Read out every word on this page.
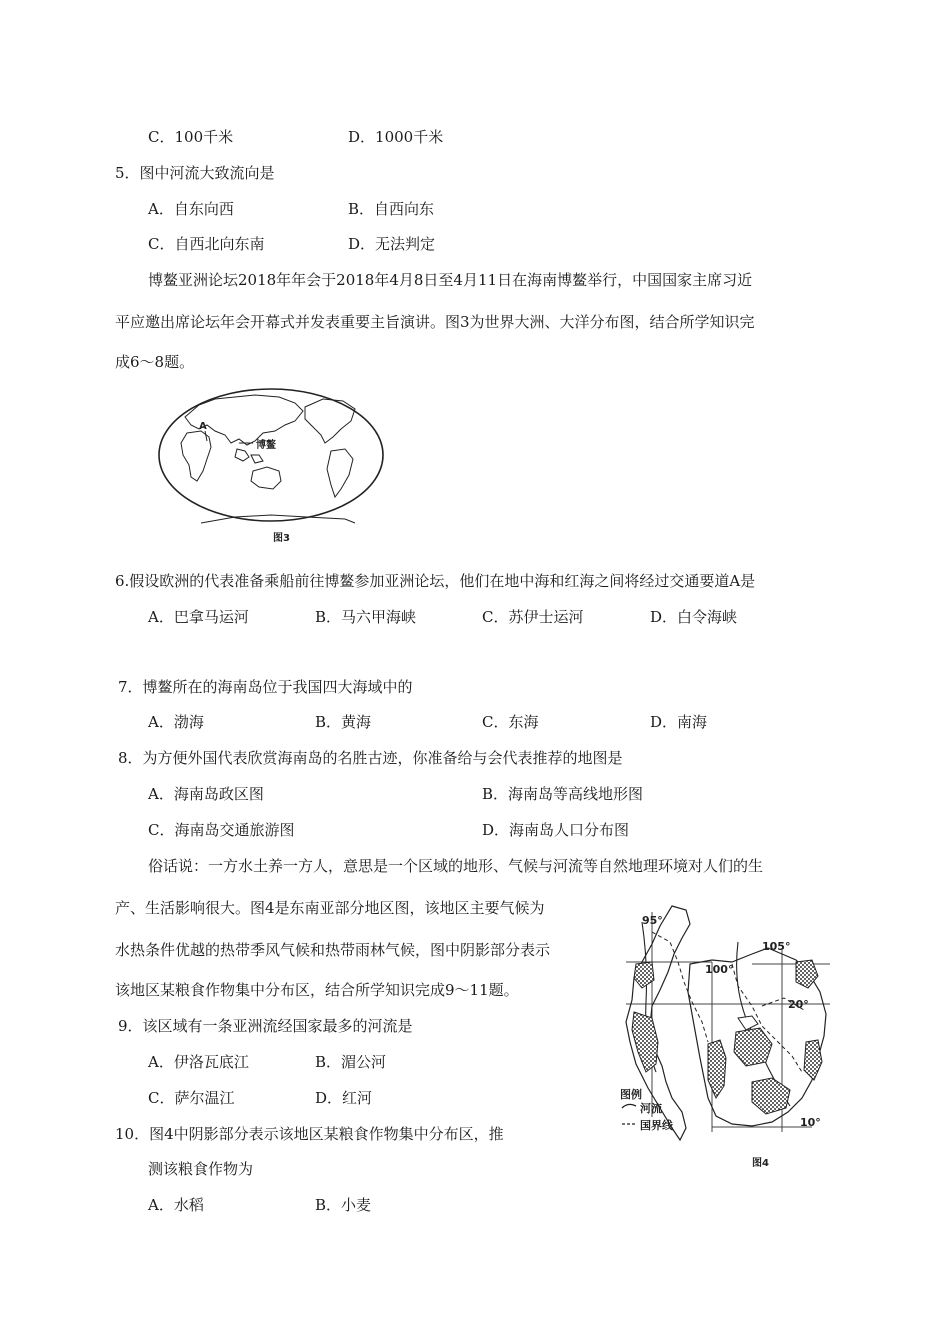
C．100千米	D．1000千米
5．图中河流大致流向是
A．自东向西	B．自西向东
C．自西北向东南	D．无法判定
博鳌亚洲论坛2018年年会于2018年4月8日至4月11日在海南博鳌举行，中国国家主席习近
平应邀出席论坛年会开幕式并发表重要主旨演讲。图3为世界大洲、大洋分布图，结合所学知识完
成6～8题。
A
博鳌
图3
6.假设欧洲的代表准备乘船前往博鳌参加亚洲论坛，他们在地中海和红海之间将经过交通要道A是
A．巴拿马运河	B．马六甲海峡	C．苏伊士运河	D．白令海峡
7．博鳌所在的海南岛位于我国四大海域中的
A．渤海	B．黄海	C．东海	D．南海
8．为方便外国代表欣赏海南岛的名胜古迹，你准备给与会代表推荐的地图是
A．海南岛政区图	B．海南岛等高线地形图
C．海南岛交通旅游图	D．海南岛人口分布图
俗话说：一方水土养一方人，意思是一个区域的地形、气候与河流等自然地理环境对人们的生
产、生活影响很大。图4是东南亚部分地区图，该地区主要气候为
水热条件优越的热带季风气候和热带雨林气候，图中阴影部分表示
该地区某粮食作物集中分布区，结合所学知识完成9～11题。
95°
105°
100°
20°
10°
图例
河流
国界线
图4
9．该区域有一条亚洲流经国家最多的河流是
A．伊洛瓦底江	B．湄公河
C．萨尔温江	D．红河
10．图4中阴影部分表示该地区某粮食作物集中分布区，推
测该粮食作物为
A．水稻	B．小麦
